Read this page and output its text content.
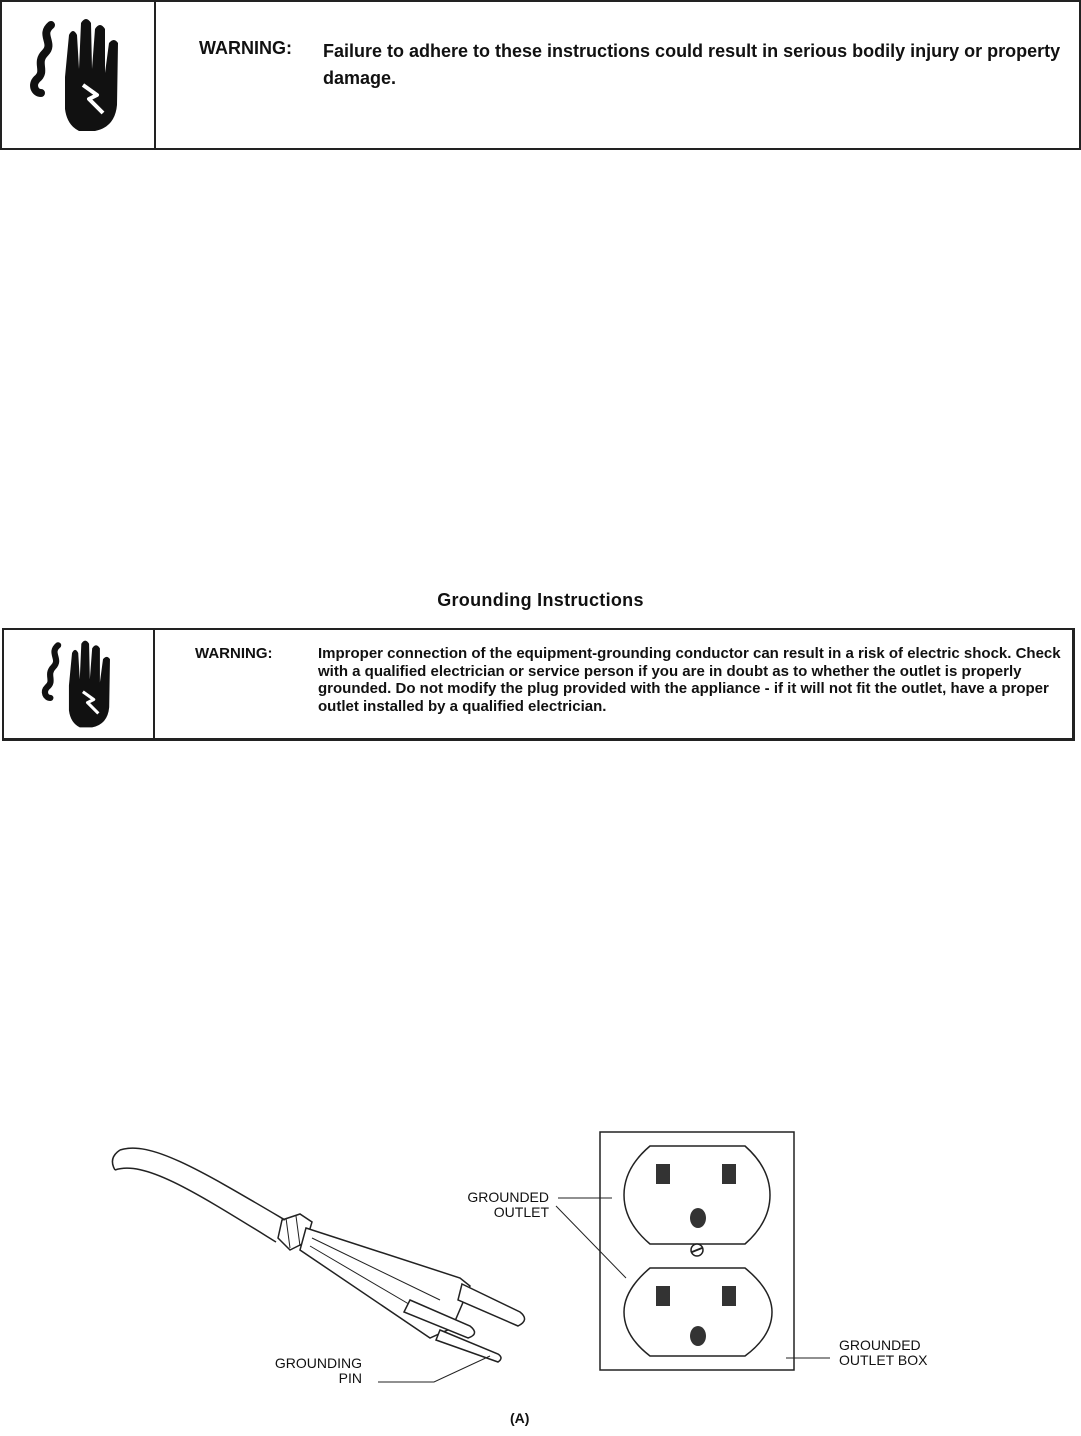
WARNING: Failure to adhere to these instructions could result in serious bodily injury or property damage.
Grounding Instructions
WARNING:	Improper connection of the equipment-grounding conductor can result in a risk of electric shock. Check with a qualified electrician or service person if you are in doubt as to whether the outlet is properly grounded. Do not modify the plug provided with the appliance - if it will not fit the outlet, have a proper outlet installed by a qualified electrician.
GROUNDED
OUTLET
GROUNDED
OUTLET BOX
GROUNDING
PIN
(A)
